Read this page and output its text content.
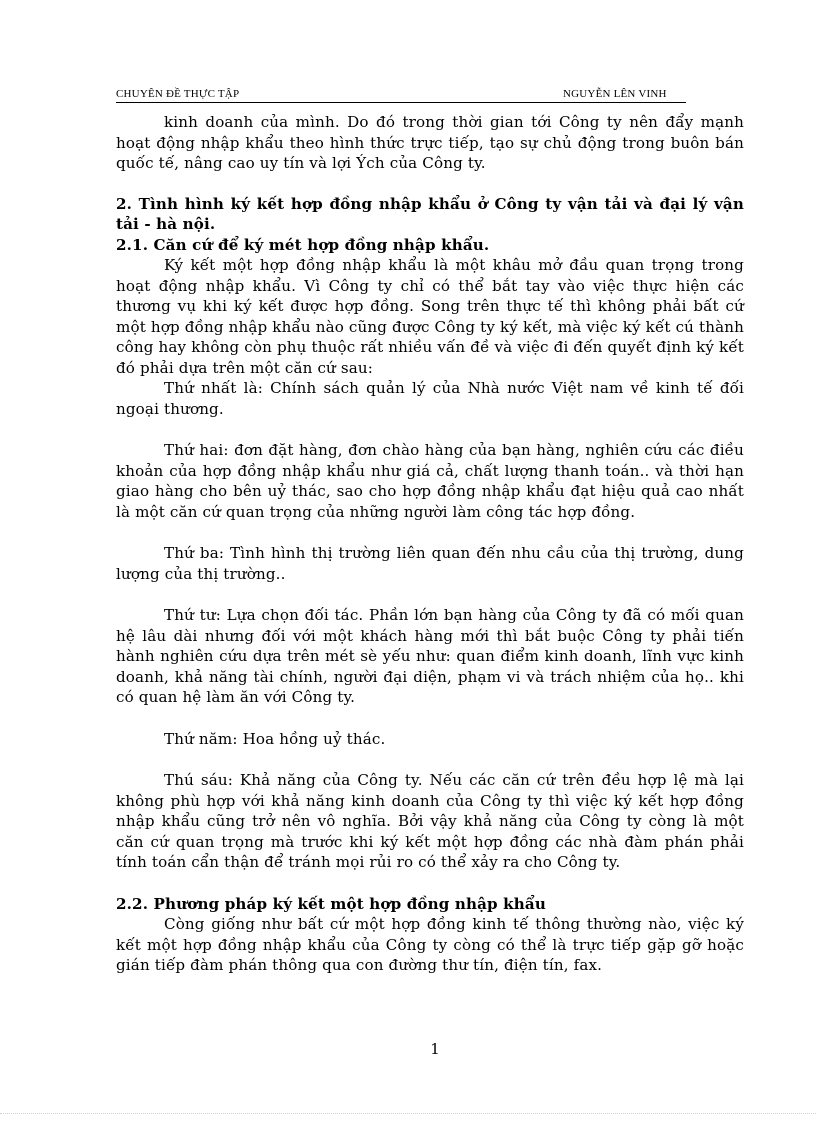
CHUYÊN ĐỀ THỰC TẬP	NGUYỄN LÊN VINH

kinh doanh của mình. Do đó trong thời gian tới Công ty nên đẩy mạnh hoạt động nhập khẩu theo hình thức trực tiếp, tạo sự chủ động trong buôn bán quốc tế, nâng cao uy tín và lợi Ých của Công ty.

2. Tình hình ký kết hợp đồng nhập khẩu ở Công ty vận tải và đại lý vận tải - hà nội.

2.1. Căn cứ để ký mét hợp đồng nhập khẩu.

Ký kết một hợp đồng nhập khẩu là một khâu mở đầu quan trọng trong hoạt động nhập khẩu. Vì Công ty chỉ có thể bắt tay vào việc thực hiện các thương vụ khi ký kết được hợp đồng. Song trên thực tế thì không phải bất cứ một hợp đồng nhập khẩu nào cũng được Công ty ký kết, mà việc ký kết cú thành công hay không còn phụ thuộc rất nhiều vấn đề và việc đi đến quyết định ký kết đó phải dựa trên một căn cứ sau:

Thứ nhất là: Chính sách quản lý của Nhà nước Việt nam về kinh tế đối ngoại thương.

Thứ hai: đơn đặt hàng, đơn chào hàng của bạn hàng, nghiên cứu các điều khoản của hợp đồng nhập khẩu như giá cả, chất lượng thanh toán.. và thời hạn giao hàng cho bên uỷ thác, sao cho hợp đồng nhập khẩu đạt hiệu quả cao nhất là một căn cứ quan trọng của những người làm công tác hợp đồng.

Thứ ba: Tình hình thị trường liên quan đến nhu cầu của thị trường, dung lượng của thị trường..

Thứ tư: Lựa chọn đối tác. Phần lớn bạn hàng của Công ty đã có mối quan hệ lâu dài nhưng đối với một khách hàng mới thì bắt buộc Công ty phải tiến hành nghiên cứu dựa trên mét sè yếu như: quan điểm kinh doanh, lĩnh vực kinh doanh, khả năng tài chính, người đại diện, phạm vi và trách nhiệm của họ.. khi có quan hệ làm ăn với Công ty.

Thứ năm: Hoa hồng uỷ thác.

Thú sáu: Khả năng của Công ty. Nếu các căn cứ trên đều hợp lệ mà lại không phù hợp với khả năng kinh doanh của Công ty thì việc ký kết hợp đồng nhập khẩu cũng trở nên vô nghĩa. Bởi vậy khả năng của Công ty còng là một căn cứ quan trọng mà trước khi ký kết một hợp đồng các nhà đàm phán phải tính toán cẩn thận để tránh mọi rủi ro có thể xảy ra cho Công ty.

2.2. Phương pháp ký kết một hợp đồng nhập khẩu

Còng giống như bất cứ một hợp đồng kinh tế thông thường nào, việc ký kết một hợp đồng nhập khẩu của Công ty còng có thể là trực tiếp gặp gỡ hoặc gián tiếp đàm phán thông qua con đường thư tín, điện tín, fax.

1
